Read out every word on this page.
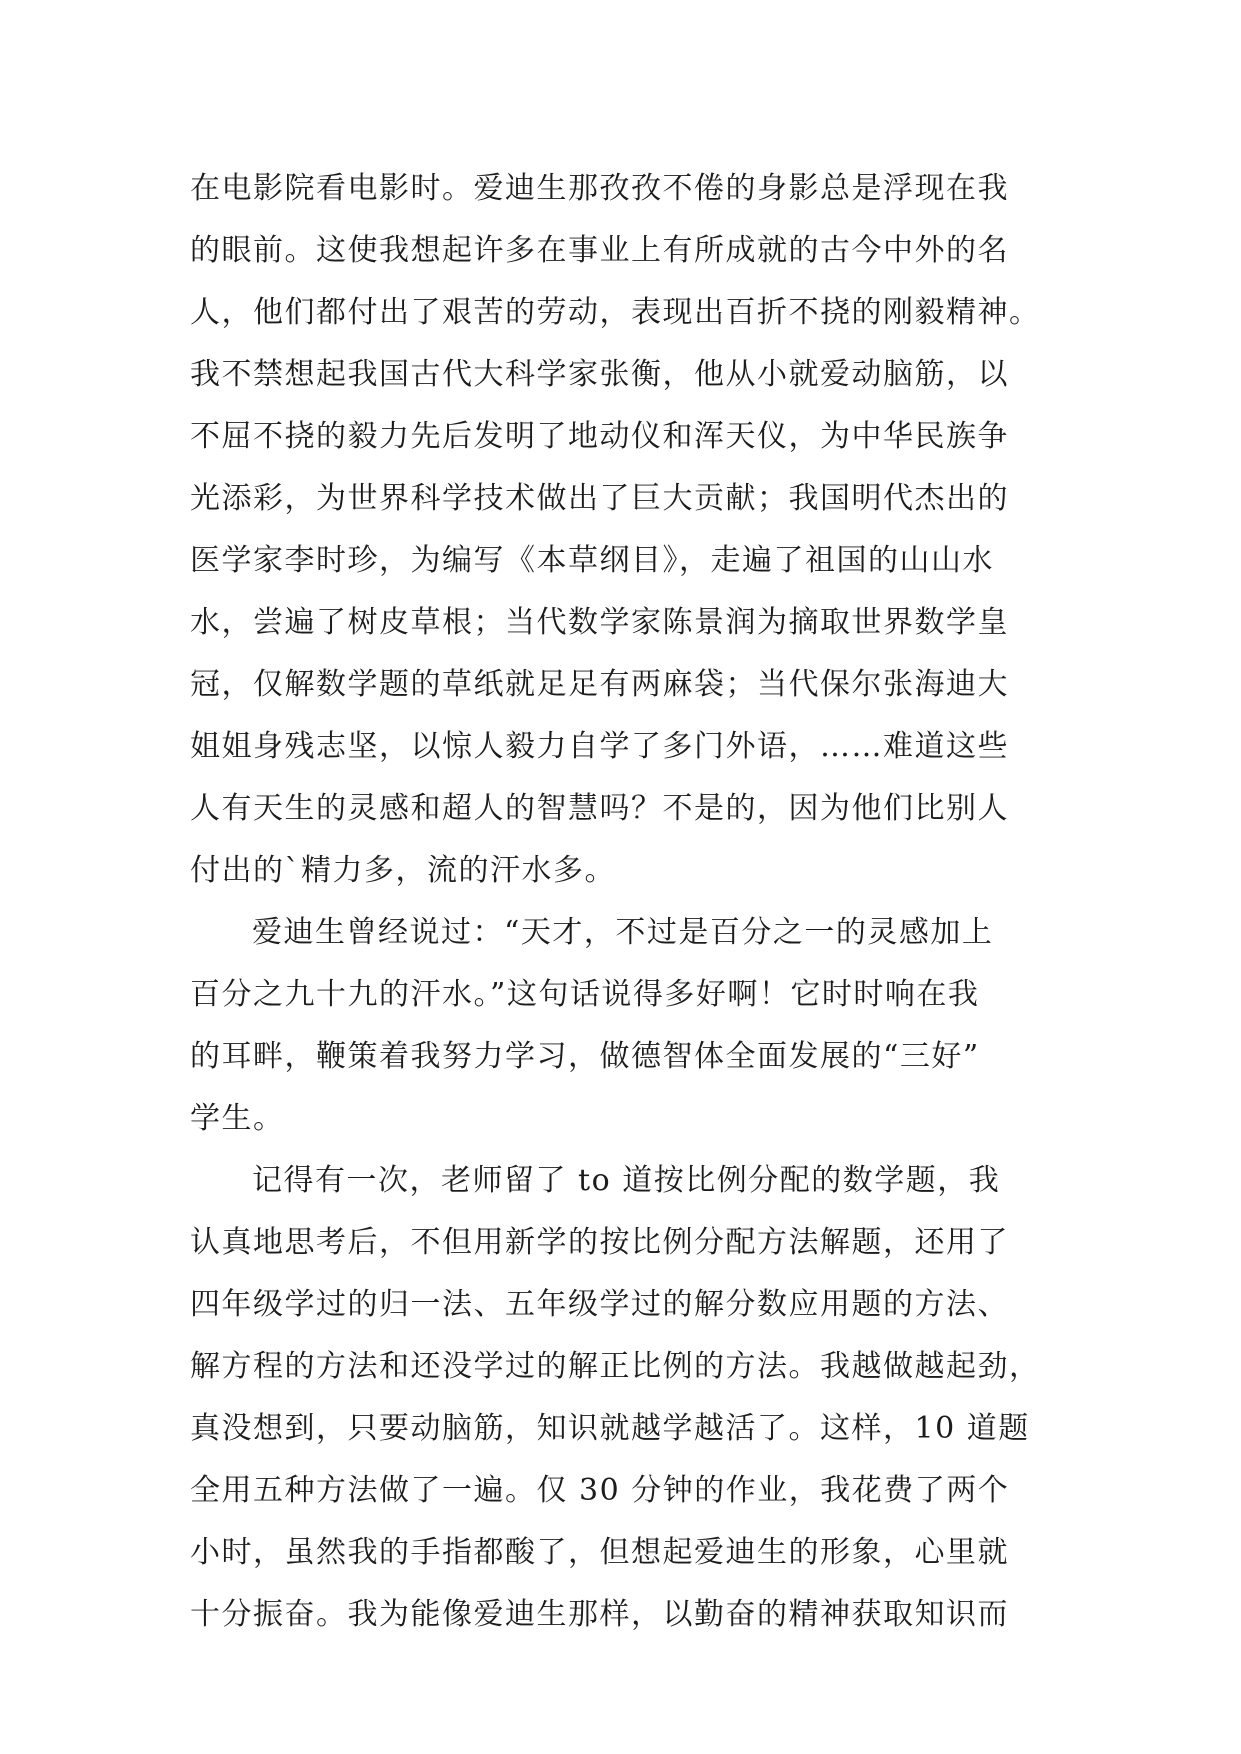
在电影院看电影时。爱迪生那孜孜不倦的身影总是浮现在我
的眼前。这使我想起许多在事业上有所成就的古今中外的名
人，他们都付出了艰苦的劳动，表现出百折不挠的刚毅精神。
我不禁想起我国古代大科学家张衡，他从小就爱动脑筋，以
不屈不挠的毅力先后发明了地动仪和浑天仪，为中华民族争
光添彩，为世界科学技术做出了巨大贡献；我国明代杰出的
医学家李时珍，为编写《本草纲目》，走遍了祖国的山山水
水，尝遍了树皮草根；当代数学家陈景润为摘取世界数学皇
冠，仅解数学题的草纸就足足有两麻袋；当代保尔张海迪大
姐姐身残志坚，以惊人毅力自学了多门外语，……难道这些
人有天生的灵感和超人的智慧吗？不是的，因为他们比别人
付出的`精力多，流的汗水多。
爱迪生曾经说过：“天才，不过是百分之一的灵感加上
百分之九十九的汗水。”这句话说得多好啊！它时时响在我
的耳畔，鞭策着我努力学习，做德智体全面发展的“三好”
学生。
记得有一次，老师留了 to 道按比例分配的数学题，我
认真地思考后，不但用新学的按比例分配方法解题，还用了
四年级学过的归一法、五年级学过的解分数应用题的方法、
解方程的方法和还没学过的解正比例的方法。我越做越起劲，
真没想到，只要动脑筋，知识就越学越活了。这样，10 道题
全用五种方法做了一遍。仅 30 分钟的作业，我花费了两个
小时，虽然我的手指都酸了，但想起爱迪生的形象，心里就
十分振奋。我为能像爱迪生那样，以勤奋的精神获取知识而
